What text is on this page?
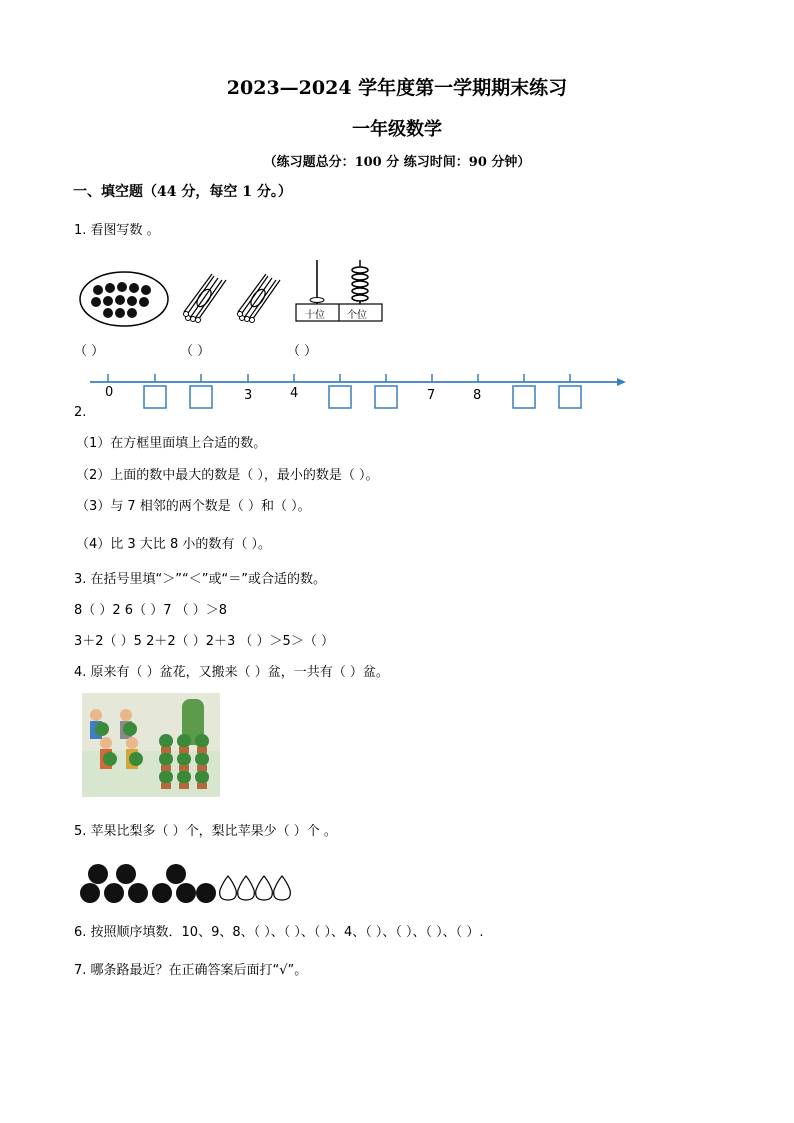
2023—2024 学年度第一学期期末练习
一年级数学
（练习题总分：100 分 练习时间：90 分钟）
一、填空题（44 分，每空 1 分。）
1. 看图写数 。
十位 个位
（ ）	（ ）	（ ）
0	3	4	7	8
2.
（1）在方框里面填上合适的数。
（2）上面的数中最大的数是（ ），最小的数是（ ）。
（3）与 7 相邻的两个数是（ ）和（ ）。
（4）比 3 大比 8 小的数有（ ）。
3. 在括号里填“＞”“＜”或“＝”或合适的数。
8（ ）2 6（ ）7 （ ）＞8
3＋2（ ）5 2＋2（ ）2＋3 （ ）＞5＞（ ）
4. 原来有（ ）盆花，又搬来（ ）盆，一共有（ ）盆。
5. 苹果比梨多（ ）个，梨比苹果少（ ）个 。
6. 按照顺序填数．10、9、8、（ ）、（ ）、（ ）、4、（ ）、（ ）、（ ）、（ ）.
7. 哪条路最近？在正确答案后面打“√”。
